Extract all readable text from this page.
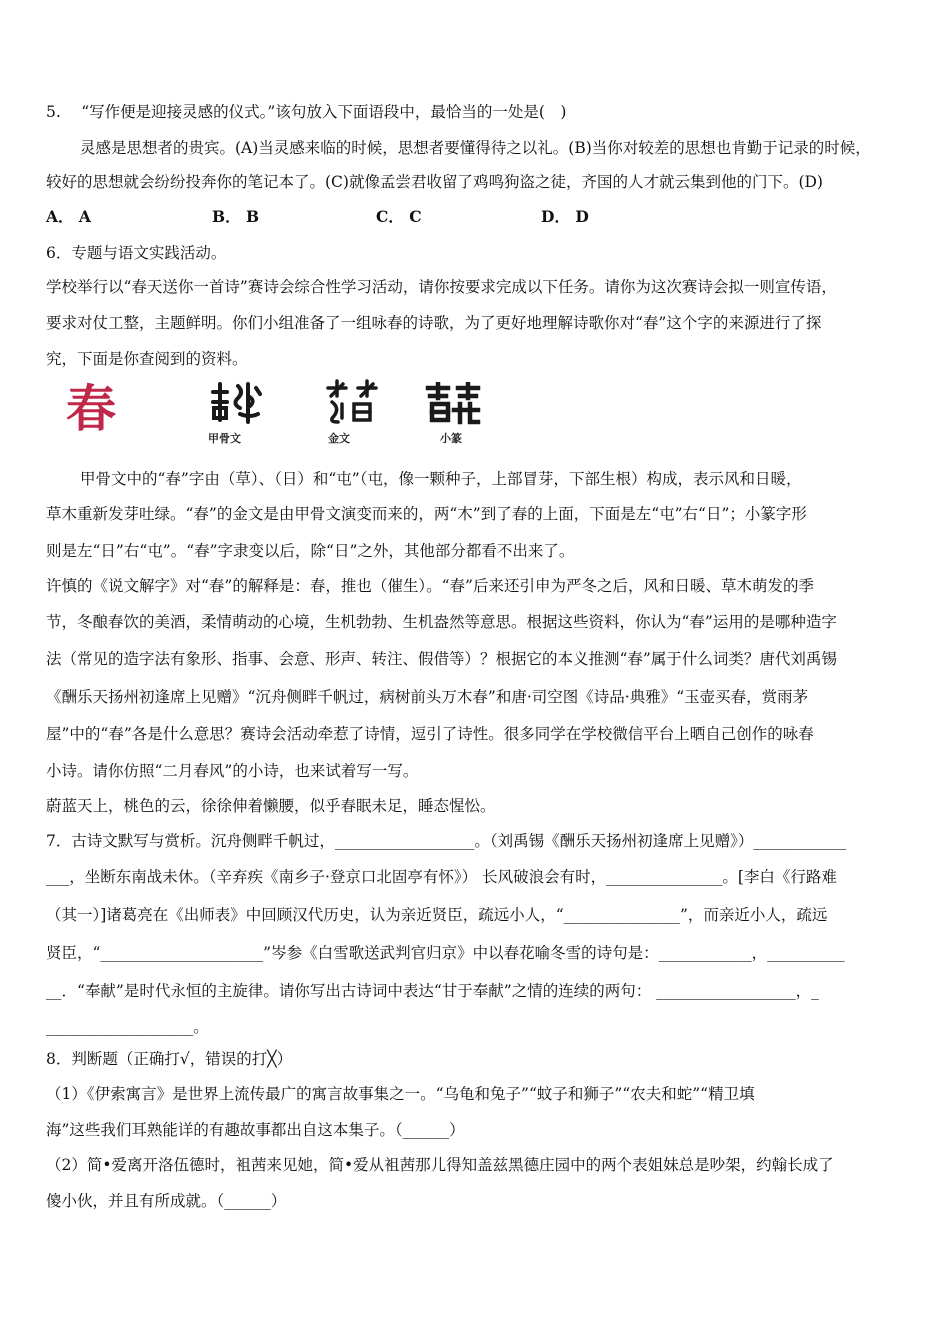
5.　 “写作便是迎接灵感的仪式。”该句放入下面语段中，最恰当的一处是(　)
灵感是思想者的贵宾。(A)当灵感来临的时候，思想者要懂得待之以礼。(B)当你对较差的思想也肯勤于记录的时候，
较好的思想就会纷纷投奔你的笔记本了。(C)就像孟尝君收留了鸡鸣狗盗之徒，齐国的人才就云集到他的门下。(D)
A． A	B． B	C． C	D． D
6．专题与语文实践活动。
学校举行以“春天送你一首诗”赛诗会综合性学习活动，请你按要求完成以下任务。请你为这次赛诗会拟一则宣传语，
要求对仗工整，主题鲜明。你们小组准备了一组咏春的诗歌，为了更好地理解诗歌你对“春”这个字的来源进行了探
究，下面是你查阅到的资料。
春
甲骨文	金文	小篆
甲骨文中的“春”字由（草）、（日）和“屯”（屯，像一颗种子，上部冒芽，下部生根）构成，表示风和日暖，
草木重新发芽吐绿。“春”的金文是由甲骨文演变而来的，两“木”到了春的上面，下面是左“屯”右“日”；小篆字形
则是左“日”右“屯”。“春”字隶变以后，除“日”之外，其他部分都看不出来了。
许慎的《说文解字》对“春”的解释是：春，推也（催生）。“春”后来还引申为严冬之后，风和日暖、草木萌发的季
节，冬酿春饮的美酒，柔情萌动的心境，生机勃勃、生机盎然等意思。根据这些资料，你认为“春”运用的是哪种造字
法（常见的造字法有象形、指事、会意、形声、转注、假借等）？根据它的本义推测“春”属于什么词类？唐代刘禹锡
《酬乐天扬州初逢席上见赠》“沉舟侧畔千帆过，病树前头万木春”和唐·司空图《诗品·典雅》“玉壶买春，赏雨茅
屋”中的“春”各是什么意思？赛诗会活动牵惹了诗情，逗引了诗性。很多同学在学校微信平台上晒自己创作的咏春
小诗。请你仿照“二月春风”的小诗，也来试着写一写。
蔚蓝天上，桃色的云，徐徐伸着懒腰，似乎春眠未足，睡态惺忪。
7．古诗文默写与赏析。沉舟侧畔千帆过，__________________。（刘禹锡《酬乐天扬州初逢席上见赠》）____________
___，坐断东南战未休。（辛弃疾《南乡子·登京口北固亭有怀》） 长风破浪会有时，_______________。[李白《行路难
（其一）]诸葛亮在《出师表》中回顾汉代历史，认为亲近贤臣，疏远小人，“_______________”，而亲近小人，疏远
贤臣，“_____________________”岑参《白雪歌送武判官归京》中以春花喻冬雪的诗句是：____________，__________
__．“奉献”是时代永恒的主旋律。请你写出古诗词中表达“甘于奉献”之情的连续的两句： __________________，_
___________________。
8．判断题（正确打√，错误的打╳）
（1）《伊索寓言》是世界上流传最广的寓言故事集之一。“乌龟和兔子”“蚊子和狮子”“农夫和蛇”“精卫填
海”这些我们耳熟能详的有趣故事都出自这本集子。（______）
（2）简•爱离开洛伍德时，袓茜来见她，简•爱从袓茜那儿得知盖兹黑德庄园中的两个表姐妹总是吵架，约翰长成了
傻小伙，并且有所成就。（______）
